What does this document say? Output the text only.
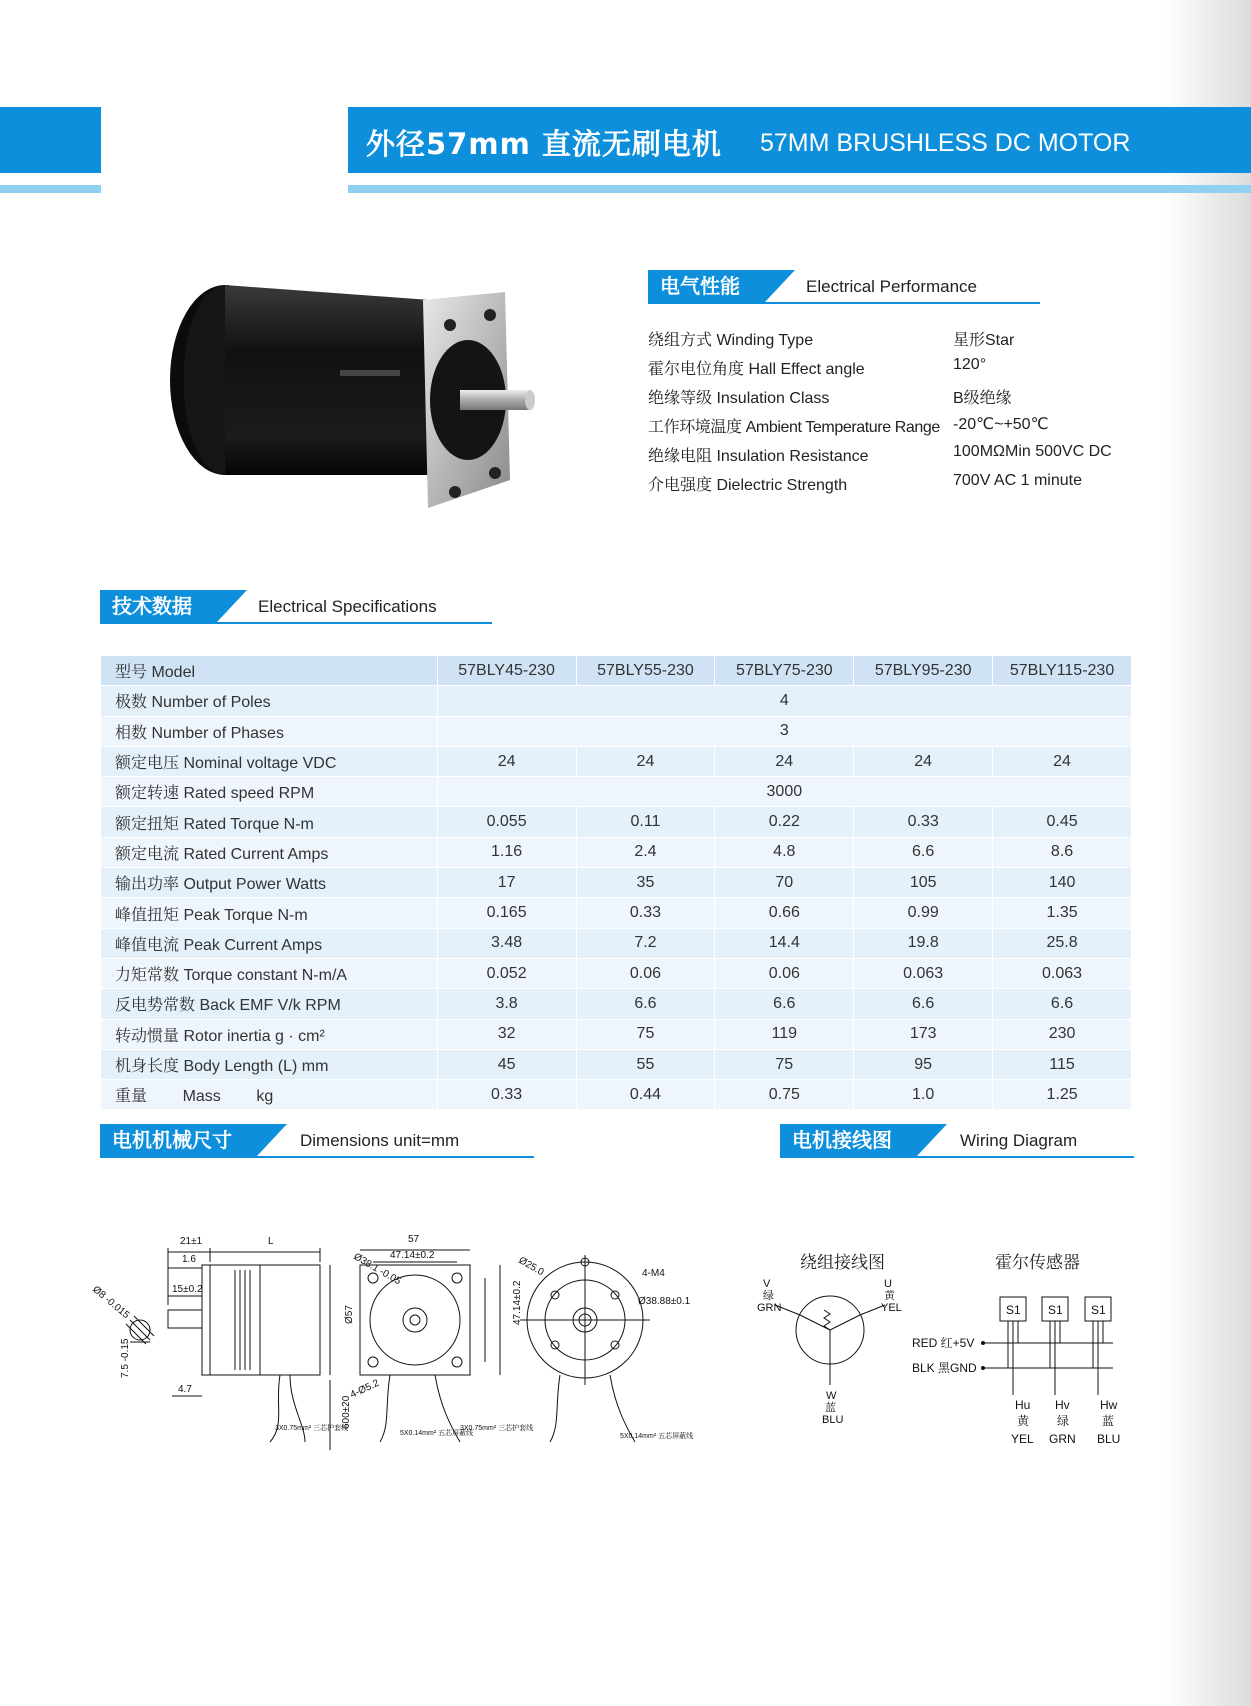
外径57mm 直流无刷电机 57MM BRUSHLESS DC MOTOR
电气性能	Electrical Performance
绕组方式 Winding Type	星形Star
霍尔电位角度 Hall Effect angle	120°
绝缘等级 Insulation Class	B级绝缘
工作环境温度 Ambient Temperature Range -20℃~+50℃
绝缘电阻 Insulation Resistance	100MΩMin 500VC DC
介电强度 Dielectric Strength	700V AC 1 minute
技术数据	Electrical Specifications
型号 Model	57BLY45-230	57BLY55-230	57BLY75-230	57BLY95-230	57BLY115-230
极数 Number of Poles	4				
相数 Number of Phases	3				
额定电压 Nominal voltage VDC	24	24	24	24	24
额定转速 Rated speed RPM	3000				
额定扭矩 Rated Torque N-m	0.055	0.11	0.22	0.33	0.45
额定电流 Rated Current Amps	1.16	2.4	4.8	6.6	8.6
输出功率 Output Power Watts	17	35	70	105	140
峰值扭矩 Peak Torque N-m	0.165	0.33	0.66	0.99	1.35
峰值电流 Peak Current Amps	3.48	7.2	14.4	19.8	25.8
力矩常数 Torque constant N-m/A	0.052	0.06	0.06	0.063	0.063
反电势常数 Back EMF V/k RPM	3.8	6.6	6.6	6.6	6.6
转动惯量 Rotor inertia g · cm²	32	75	119	173	230
机身长度 Body Length (L) mm	45	55	75	95	115
重量        Mass        kg	0.33	0.44	0.75	1.0	1.25
电机机械尺寸	Dimensions unit=mm	电机接线图	Wiring Diagram
21±1	L
1.6
15±0.2
Ø8 -0.015
7.5 -0.15
4.7
Ø57
600±20
57
47.14±0.2
Ø38.1 -0.05
47.14±0.2
4-Ø5.2
3X0.75mm² 三芯护套线
5X0.14mm² 五芯屏蔽线
Ø25.0	4-M4
Ø38.88±0.1
3X0.75mm² 三芯护套线
5X0.14mm² 五芯屏蔽线
绕组接线图	霍尔传感器
V
绿
GRN
U
黄
YEL
W
蓝
BLU
S1 S1 S1
RED 红+5V
BLK 黑GND
Hu
黄
YEL
Hv
绿
GRN
Hw
蓝
BLU
